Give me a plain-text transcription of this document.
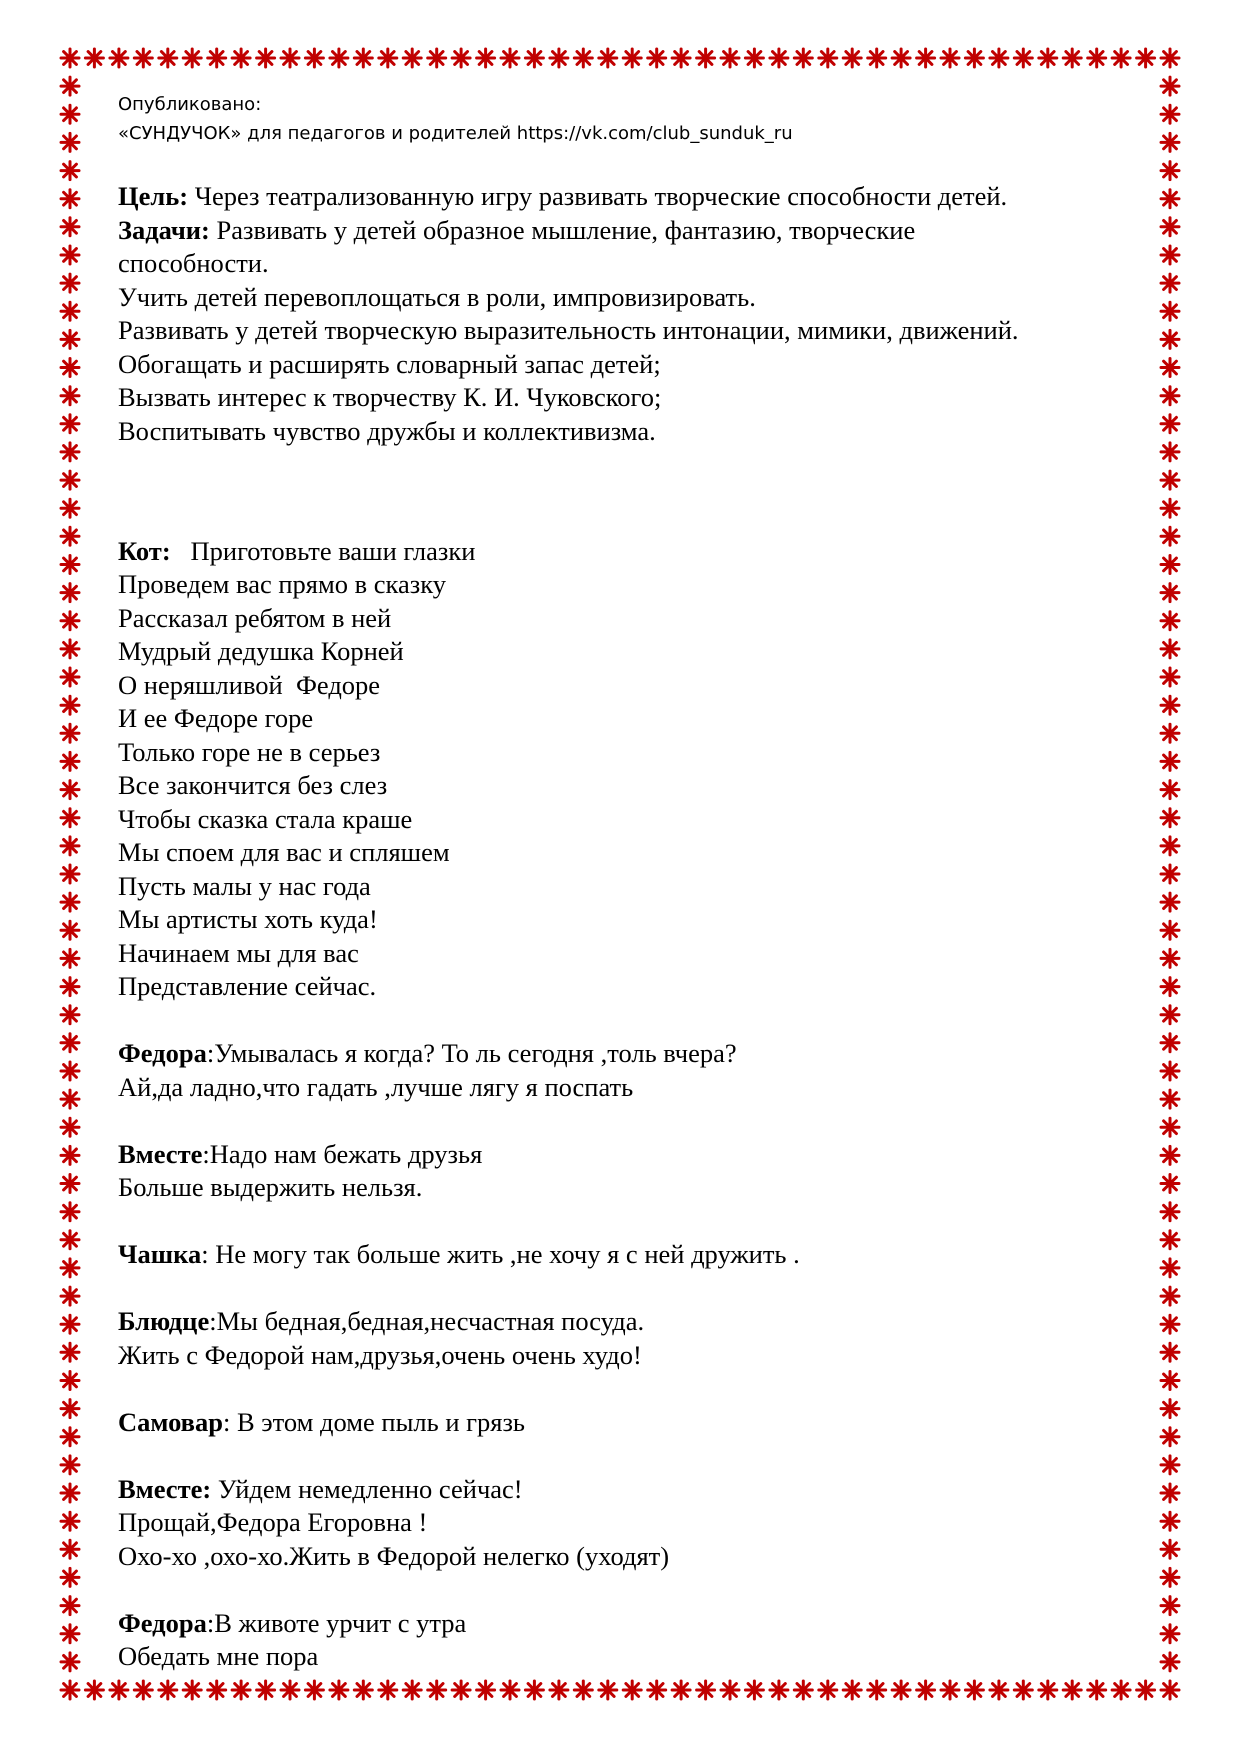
Опубликовано:
«СУНДУЧОК» для педагогов и родителей https://vk.com/club_sunduk_ru
Цель: Через театрализованную игру развивать творческие способности детей.
Задачи: Развивать у детей образное мышление, фантазию, творческие
способности.
Учить детей перевоплощаться в роли, импровизировать.
Развивать у детей творческую выразительность интонации, мимики, движений.
Обогащать и расширять словарный запас детей;
Вызвать интерес к творчеству К. И. Чуковского;
Воспитывать чувство дружбы и коллективизма.
Кот:   Приготовьте ваши глазки
Проведем вас прямо в сказку
Рассказал ребятом в ней
Мудрый дедушка Корней
О неряшливой  Федоре
И ее Федоре горе
Только горе не в серьез
Все закончится без слез
Чтобы сказка стала краше
Мы споем для вас и спляшем
Пусть малы у нас года
Мы артисты хоть куда!
Начинаем мы для вас
Представление сейчас.
Федора:Умывалась я когда? То ль сегодня ,толь вчера?
Ай,да ладно,что гадать ,лучше лягу я поспать
Вместе:Надо нам бежать друзья
Больше выдержить нельзя.
Чашка: Не могу так больше жить ,не хочу я с ней дружить .
Блюдце:Мы бедная,бедная,несчастная посуда.
Жить с Федорой нам,друзья,очень очень худо!
Самовар: В этом доме пыль и грязь
Вместе: Уйдем немедленно сейчас!
Прощай,Федора Егоровна !
Охо-хо ,охо-хо.Жить в Федорой нелегко (уходят)
Федора:В животе урчит с утра
Обедать мне пора
